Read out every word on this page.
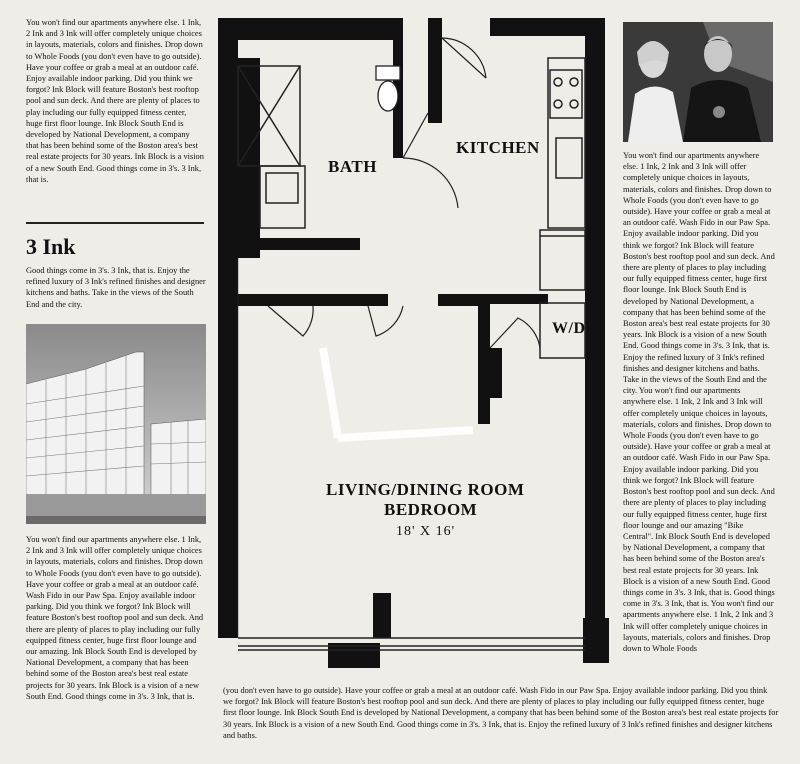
You won't find our apartments anywhere else. 1 Ink, 2 Ink and 3 Ink will offer completely unique choices in layouts, materials, colors and finishes. Drop down to Whole Foods (you don't even have to go outside). Have your coffee or grab a meal at an outdoor café. Enjoy available indoor parking. Did you think we forgot? Ink Block will feature Boston's best rooftop pool and sun deck. And there are plenty of places to play including our fully equipped fitness center, huge first floor lounge. Ink Block South End is developed by National Development, a company that has been behind some of the Boston area's best real estate projects for 30 years. Ink Block is a vision of a new South End. Good things come in 3's. 3 Ink, that is.
3 Ink
Good things come in 3's. 3 Ink, that is. Enjoy the refined luxury of 3 Ink's refined finishes and designer kitchens and baths. Take in the views of the South End and the city.
You won't find our apartments anywhere else. 1 Ink, 2 Ink and 3 Ink will offer completely unique choices in layouts, materials, colors and finishes. Drop down to Whole Foods (you don't even have to go outside). Have your coffee or grab a meal at an outdoor café. Wash Fido in our Paw Spa. Enjoy available indoor parking. Did you think we forgot? Ink Block will feature Boston's best rooftop pool and sun deck. And there are plenty of places to play including our fully equipped fitness center, huge first floor lounge and our amazing. Ink Block South End is developed by National Development, a company that has been behind some of the Boston area's best real estate projects for 30 years. Ink Block is a vision of a new South End. Good things come in 3's. 3 Ink, that is.
BATH
KITCHEN
W/D
LIVING/DINING ROOM
BEDROOM
18' X 16'
You won't find our apartments anywhere else. 1 Ink, 2 Ink and 3 Ink will offer completely unique choices in layouts, materials, colors and finishes. Drop down to Whole Foods (you don't even have to go outside). Have your coffee or grab a meal at an outdoor café. Wash Fido in our Paw Spa. Enjoy available indoor parking. Did you think we forgot? Ink Block will feature Boston's best rooftop pool and sun deck. And there are plenty of places to play including our fully equipped fitness center, huge first floor lounge. Ink Block South End is developed by National Development, a company that has been behind some of the Boston area's best real estate projects for 30 years. Ink Block is a vision of a new South End. Good things come in 3's. 3 Ink, that is. Enjoy the refined luxury of 3 Ink's refined finishes and designer kitchens and baths. Take in the views of the South End and the city. You won't find our apartments anywhere else. 1 Ink, 2 Ink and 3 Ink will offer completely unique choices in layouts, materials, colors and finishes. Drop down to Whole Foods (you don't even have to go outside). Have your coffee or grab a meal at an outdoor café. Wash Fido in our Paw Spa. Enjoy available indoor parking. Did you think we forgot? Ink Block will feature Boston's best rooftop pool and sun deck. And there are plenty of places to play including our fully equipped fitness center, huge first floor lounge and our amazing "Bike Central". Ink Block South End is developed by National Development, a company that has been behind some of the Boston area's best real estate projects for 30 years. Ink Block is a vision of a new South End. Good things come in 3's. 3 Ink, that is. Good things come in 3's. 3 Ink, that is. You won't find our apartments anywhere else. 1 Ink, 2 Ink and 3 Ink will offer completely unique choices in layouts, materials, colors and finishes. Drop down to Whole Foods
(you don't even have to go outside). Have your coffee or grab a meal at an outdoor café. Wash Fido in our Paw Spa. Enjoy available indoor parking. Did you think we forgot? Ink Block will feature Boston's best rooftop pool and sun deck. And there are plenty of places to play including our fully equipped fitness center, huge first floor lounge. Ink Block South End is developed by National Development, a company that has been behind some of the Boston area's best real estate projects for 30 years. Ink Block is a vision of a new South End. Good things come in 3's. 3 Ink, that is. Enjoy the refined luxury of 3 Ink's refined finishes and designer kitchens and baths.
